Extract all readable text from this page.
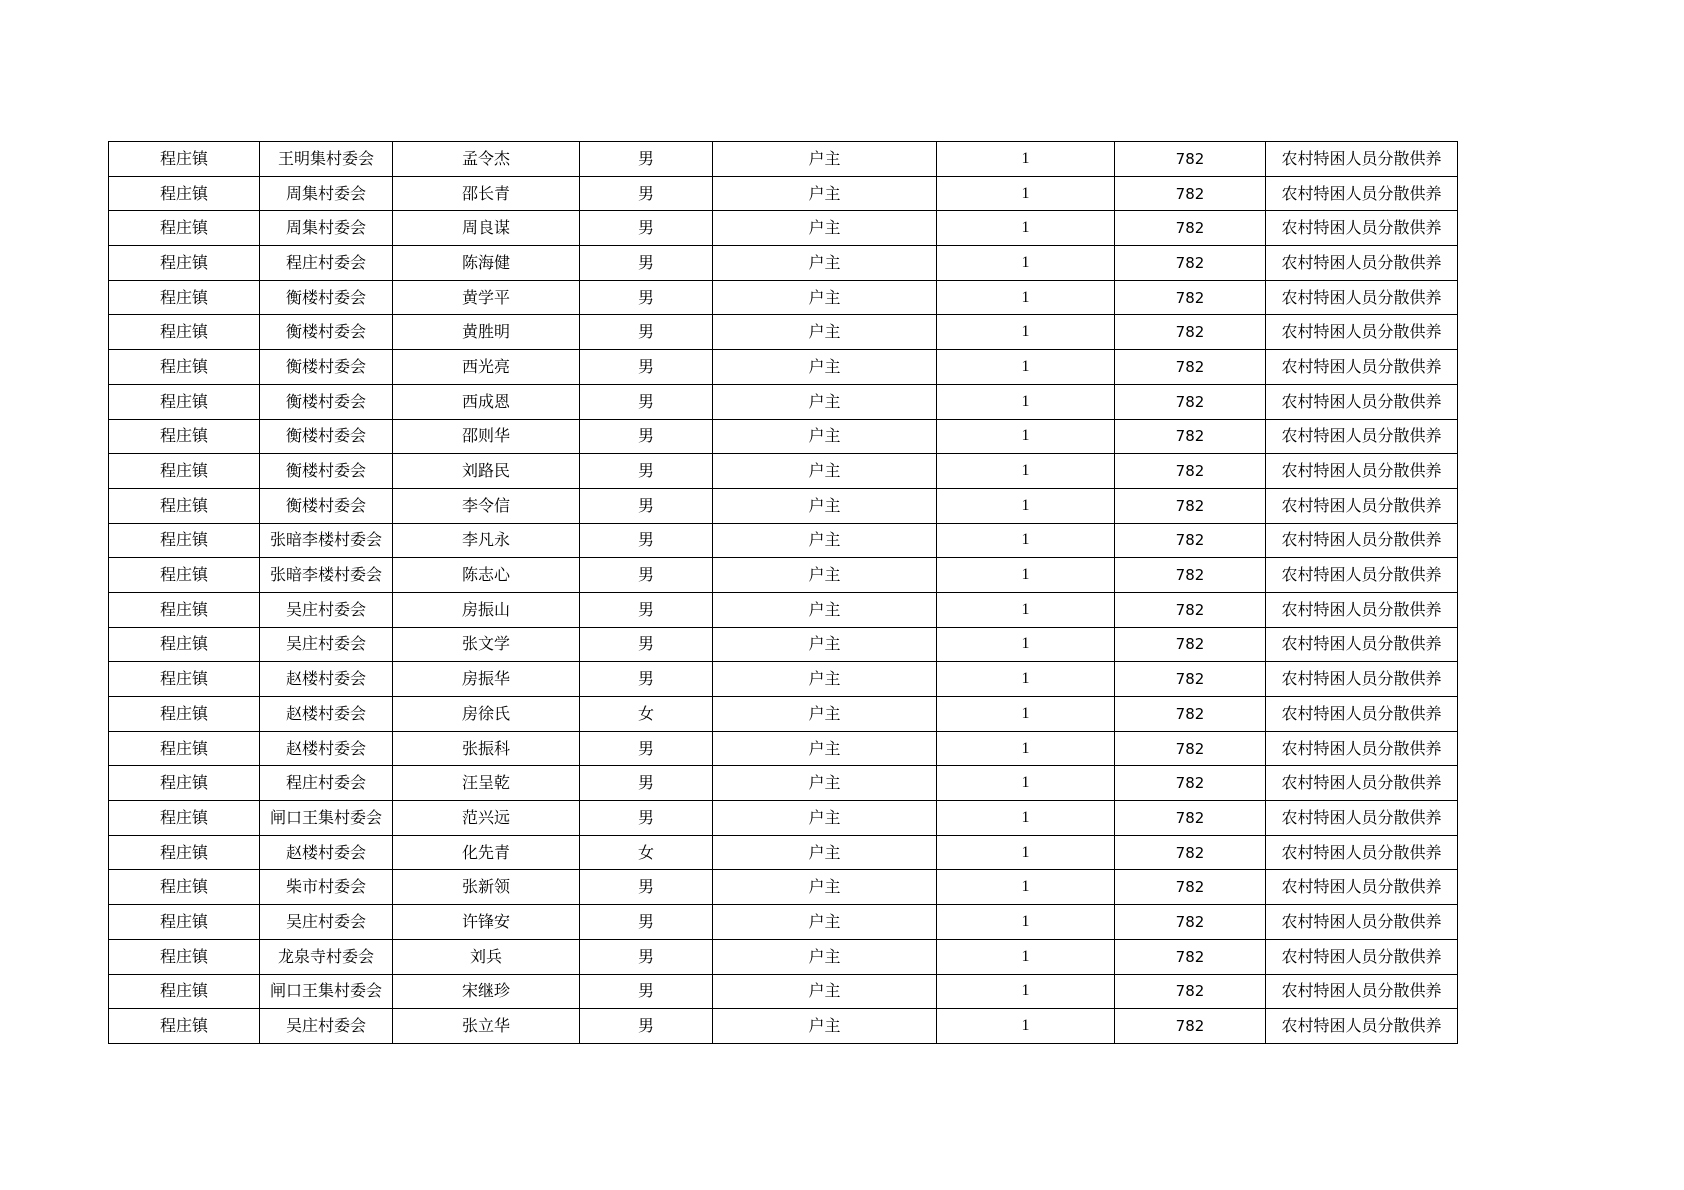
程庄镇	王明集村委会	孟令杰	男	户主	1	782	农村特困人员分散供养
程庄镇	周集村委会	邵长青	男	户主	1	782	农村特困人员分散供养
程庄镇	周集村委会	周良谋	男	户主	1	782	农村特困人员分散供养
程庄镇	程庄村委会	陈海健	男	户主	1	782	农村特困人员分散供养
程庄镇	衡楼村委会	黄学平	男	户主	1	782	农村特困人员分散供养
程庄镇	衡楼村委会	黄胜明	男	户主	1	782	农村特困人员分散供养
程庄镇	衡楼村委会	西光亮	男	户主	1	782	农村特困人员分散供养
程庄镇	衡楼村委会	西成恩	男	户主	1	782	农村特困人员分散供养
程庄镇	衡楼村委会	邵则华	男	户主	1	782	农村特困人员分散供养
程庄镇	衡楼村委会	刘路民	男	户主	1	782	农村特困人员分散供养
程庄镇	衡楼村委会	李令信	男	户主	1	782	农村特困人员分散供养
程庄镇	张暗李楼村委会	李凡永	男	户主	1	782	农村特困人员分散供养
程庄镇	张暗李楼村委会	陈志心	男	户主	1	782	农村特困人员分散供养
程庄镇	吴庄村委会	房振山	男	户主	1	782	农村特困人员分散供养
程庄镇	吴庄村委会	张文学	男	户主	1	782	农村特困人员分散供养
程庄镇	赵楼村委会	房振华	男	户主	1	782	农村特困人员分散供养
程庄镇	赵楼村委会	房徐氏	女	户主	1	782	农村特困人员分散供养
程庄镇	赵楼村委会	张振科	男	户主	1	782	农村特困人员分散供养
程庄镇	程庄村委会	汪呈乾	男	户主	1	782	农村特困人员分散供养
程庄镇	闸口王集村委会	范兴远	男	户主	1	782	农村特困人员分散供养
程庄镇	赵楼村委会	化先青	女	户主	1	782	农村特困人员分散供养
程庄镇	柴市村委会	张新领	男	户主	1	782	农村特困人员分散供养
程庄镇	吴庄村委会	许锋安	男	户主	1	782	农村特困人员分散供养
程庄镇	龙泉寺村委会	刘兵	男	户主	1	782	农村特困人员分散供养
程庄镇	闸口王集村委会	宋继珍	男	户主	1	782	农村特困人员分散供养
程庄镇	吴庄村委会	张立华	男	户主	1	782	农村特困人员分散供养
